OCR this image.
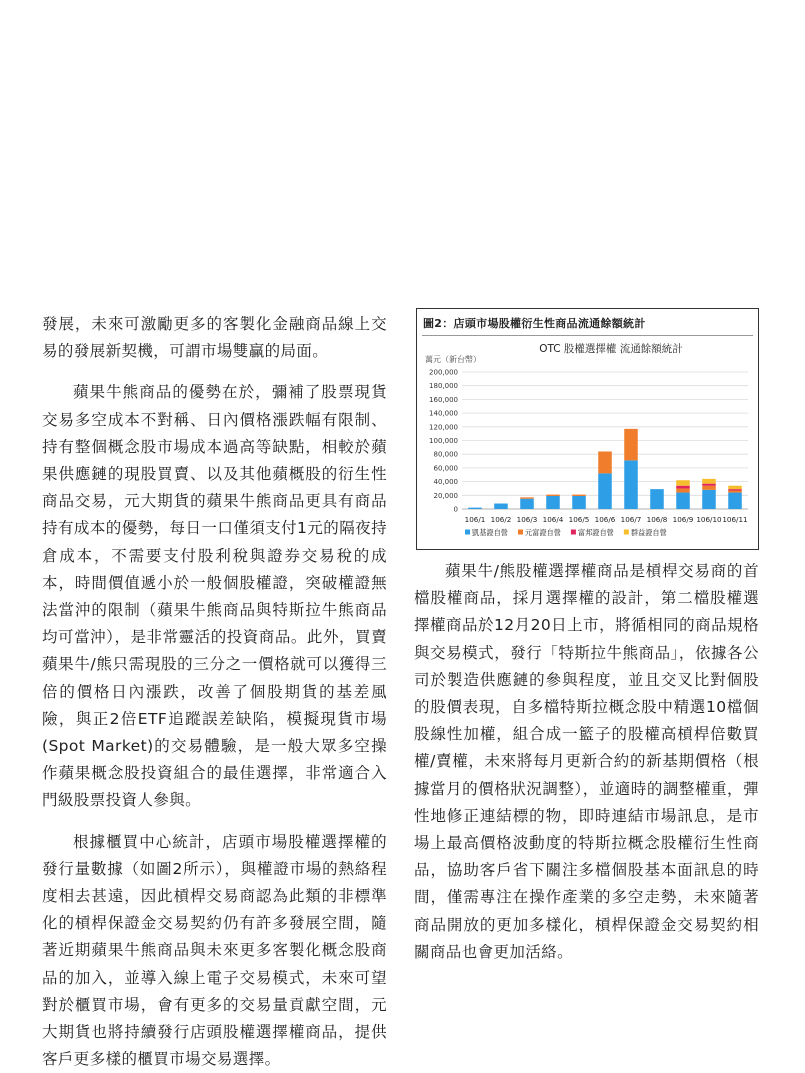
發展，未來可激勵更多的客製化金融商品線上交易的發展新契機，可謂市場雙贏的局面。

蘋果牛熊商品的優勢在於，彌補了股票現貨交易多空成本不對稱、日內價格漲跌幅有限制、持有整個概念股市場成本過高等缺點，相較於蘋果供應鏈的現股買賣、以及其他蘋概股的衍生性商品交易，元大期貨的蘋果牛熊商品更具有商品持有成本的優勢，每日一口僅須支付1元的隔夜持倉成本，不需要支付股利稅與證券交易稅的成本，時間價值遞小於一般個股權證，突破權證無法當沖的限制（蘋果牛熊商品與特斯拉牛熊商品均可當沖），是非常靈活的投資商品。此外，買賣蘋果牛/熊只需現股的三分之一價格就可以獲得三倍的價格日內漲跌，改善了個股期貨的基差風險，與正2倍ETF追蹤誤差缺陷，模擬現貨市場(Spot Market)的交易體驗，是一般大眾多空操作蘋果概念股投資組合的最佳選擇，非常適合入門級股票投資人參與。

根據櫃買中心統計，店頭市場股權選擇權的發行量數據（如圖2所示），與權證市場的熱絡程度相去甚遠，因此槓桿交易商認為此類的非標準化的槓桿保證金交易契約仍有許多發展空間，隨著近期蘋果牛熊商品與未來更多客製化概念股商品的加入，並導入線上電子交易模式，未來可望對於櫃買市場，會有更多的交易量貢獻空間，元大期貨也將持續發行店頭股權選擇權商品，提供客戶更多樣的櫃買市場交易選擇。

圖2：店頭市場股權衍生性商品流通餘額統計
OTC 股權選擇權 流通餘額統計
萬元（新台幣）
0
20,000
40,000
60,000
80,000
100,000
120,000
140,000
160,000
180,000
200,000
106/1 106/2 106/3 106/4 106/5 106/6 106/7 106/8 106/9 106/10 106/11
凱基證自營 元富證自營 富邦證自營 群益證自營

蘋果牛/熊股權選擇權商品是槓桿交易商的首檔股權商品，採月選擇權的設計，第二檔股權選擇權商品於12月20日上市，將循相同的商品規格與交易模式，發行「特斯拉牛熊商品」，依據各公司於製造供應鏈的參與程度，並且交叉比對個股的股價表現，自多檔特斯拉概念股中精選10檔個股線性加權，組合成一籃子的股權高槓桿倍數買權/賣權，未來將每月更新合約的新基期價格（根據當月的價格狀況調整），並適時的調整權重，彈性地修正連結標的物，即時連結市場訊息，是市場上最高價格波動度的特斯拉概念股權衍生性商品，協助客戶省下關注多檔個股基本面訊息的時間，僅需專注在操作產業的多空走勢，未來隨著商品開放的更加多樣化，槓桿保證金交易契約相關商品也會更加活絡。
